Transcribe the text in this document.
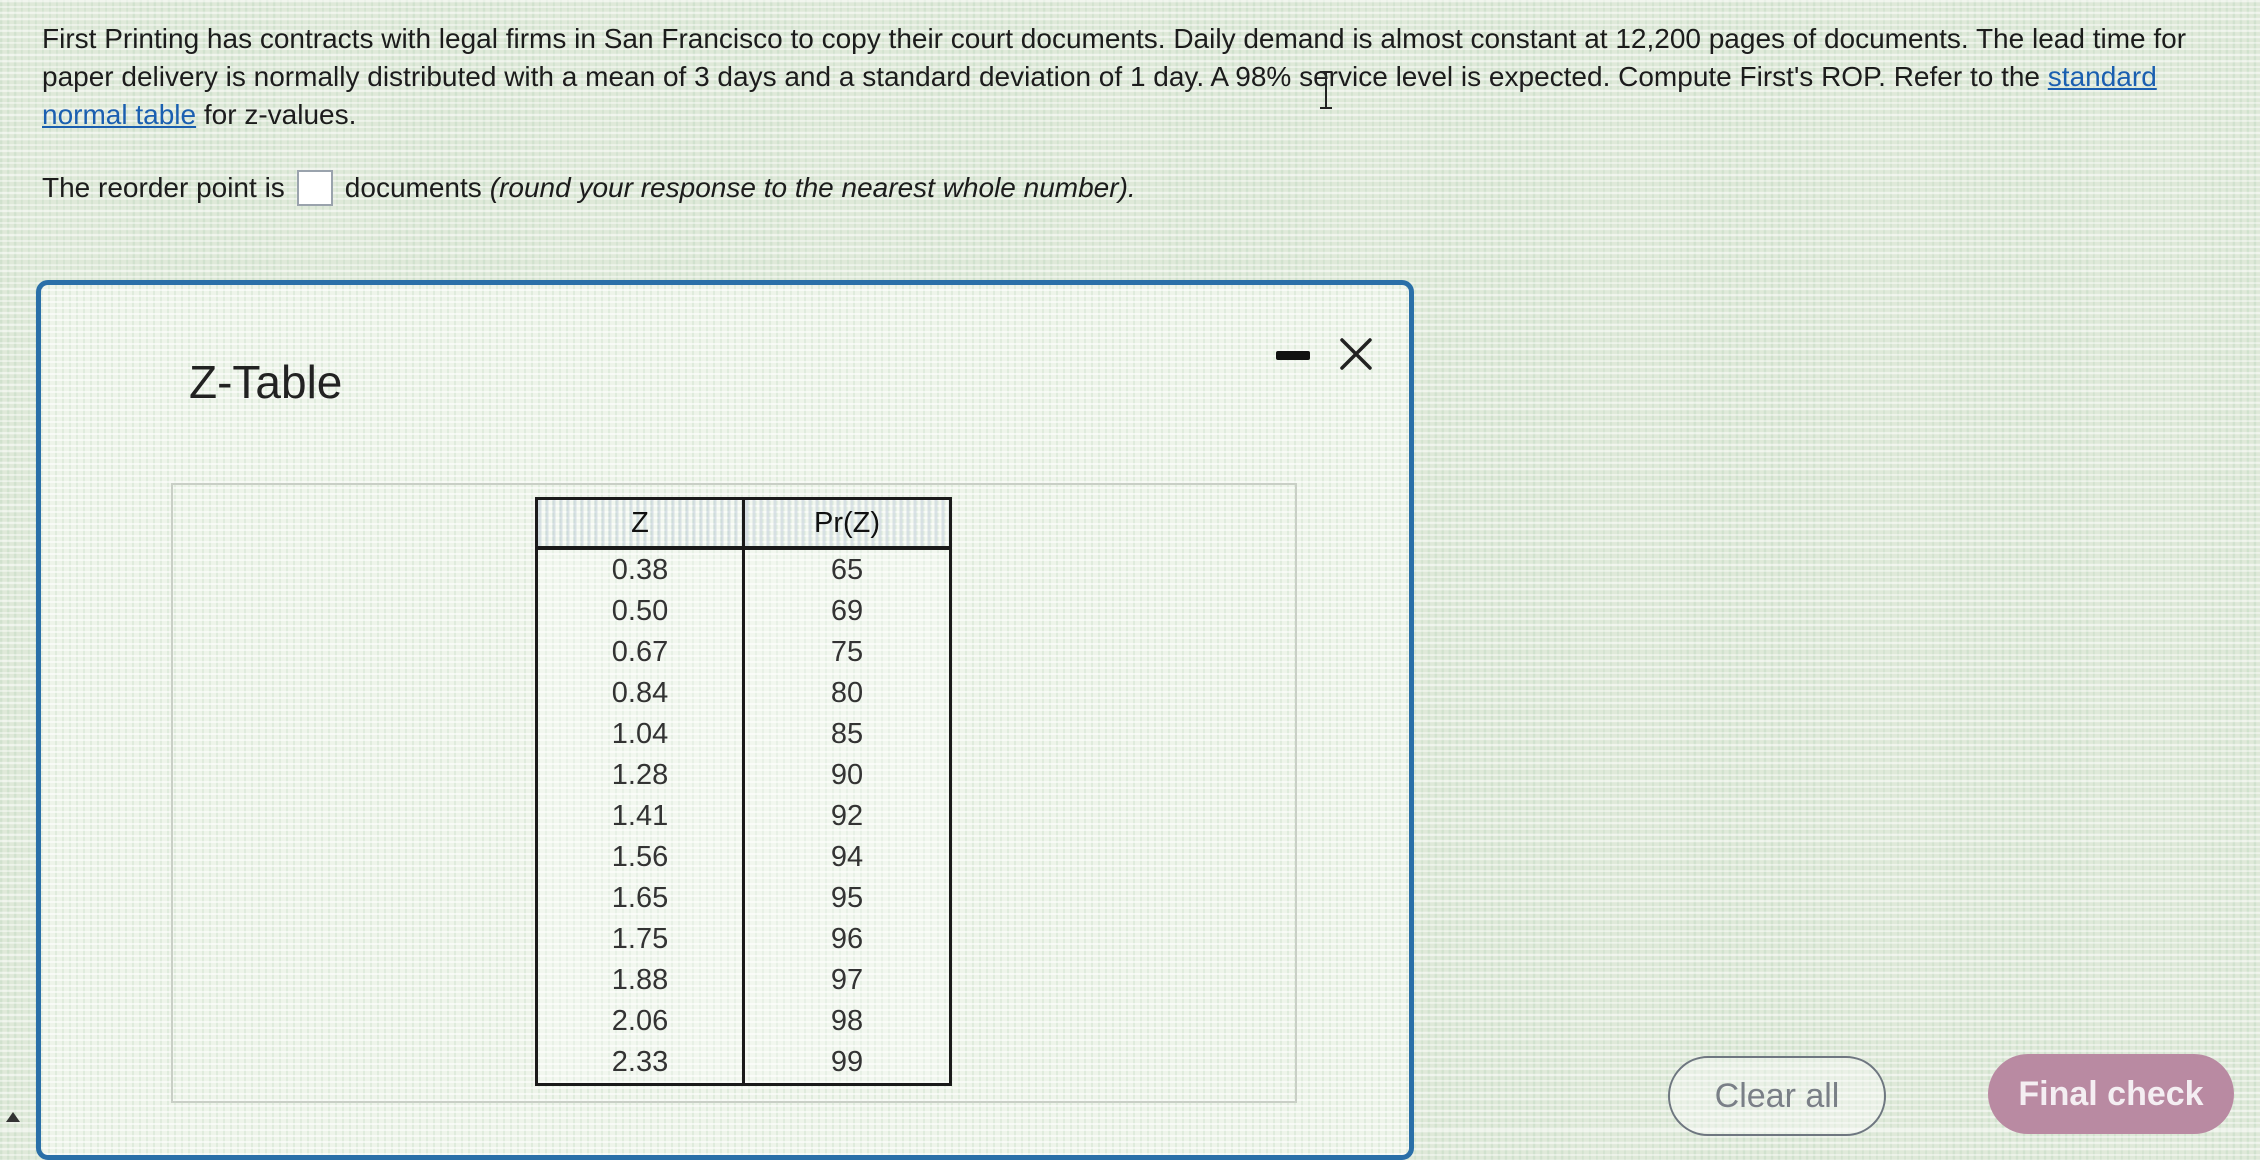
First Printing has contracts with legal firms in San Francisco to copy their court documents. Daily demand is almost constant at 12,200 pages of documents. The lead time for paper delivery is normally distributed with a mean of 3 days and a standard deviation of 1 day. A 98% service level is expected. Compute First's ROP. Refer to the standard normal table for z-values.
The reorder point is documents (round your response to the nearest whole number).
Z-Table
Z	Pr(Z)
0.38	65
0.50	69
0.67	75
0.84	80
1.04	85
1.28	90
1.41	92
1.56	94
1.65	95
1.75	96
1.88	97
2.06	98
2.33	99
Clear all	Final check
